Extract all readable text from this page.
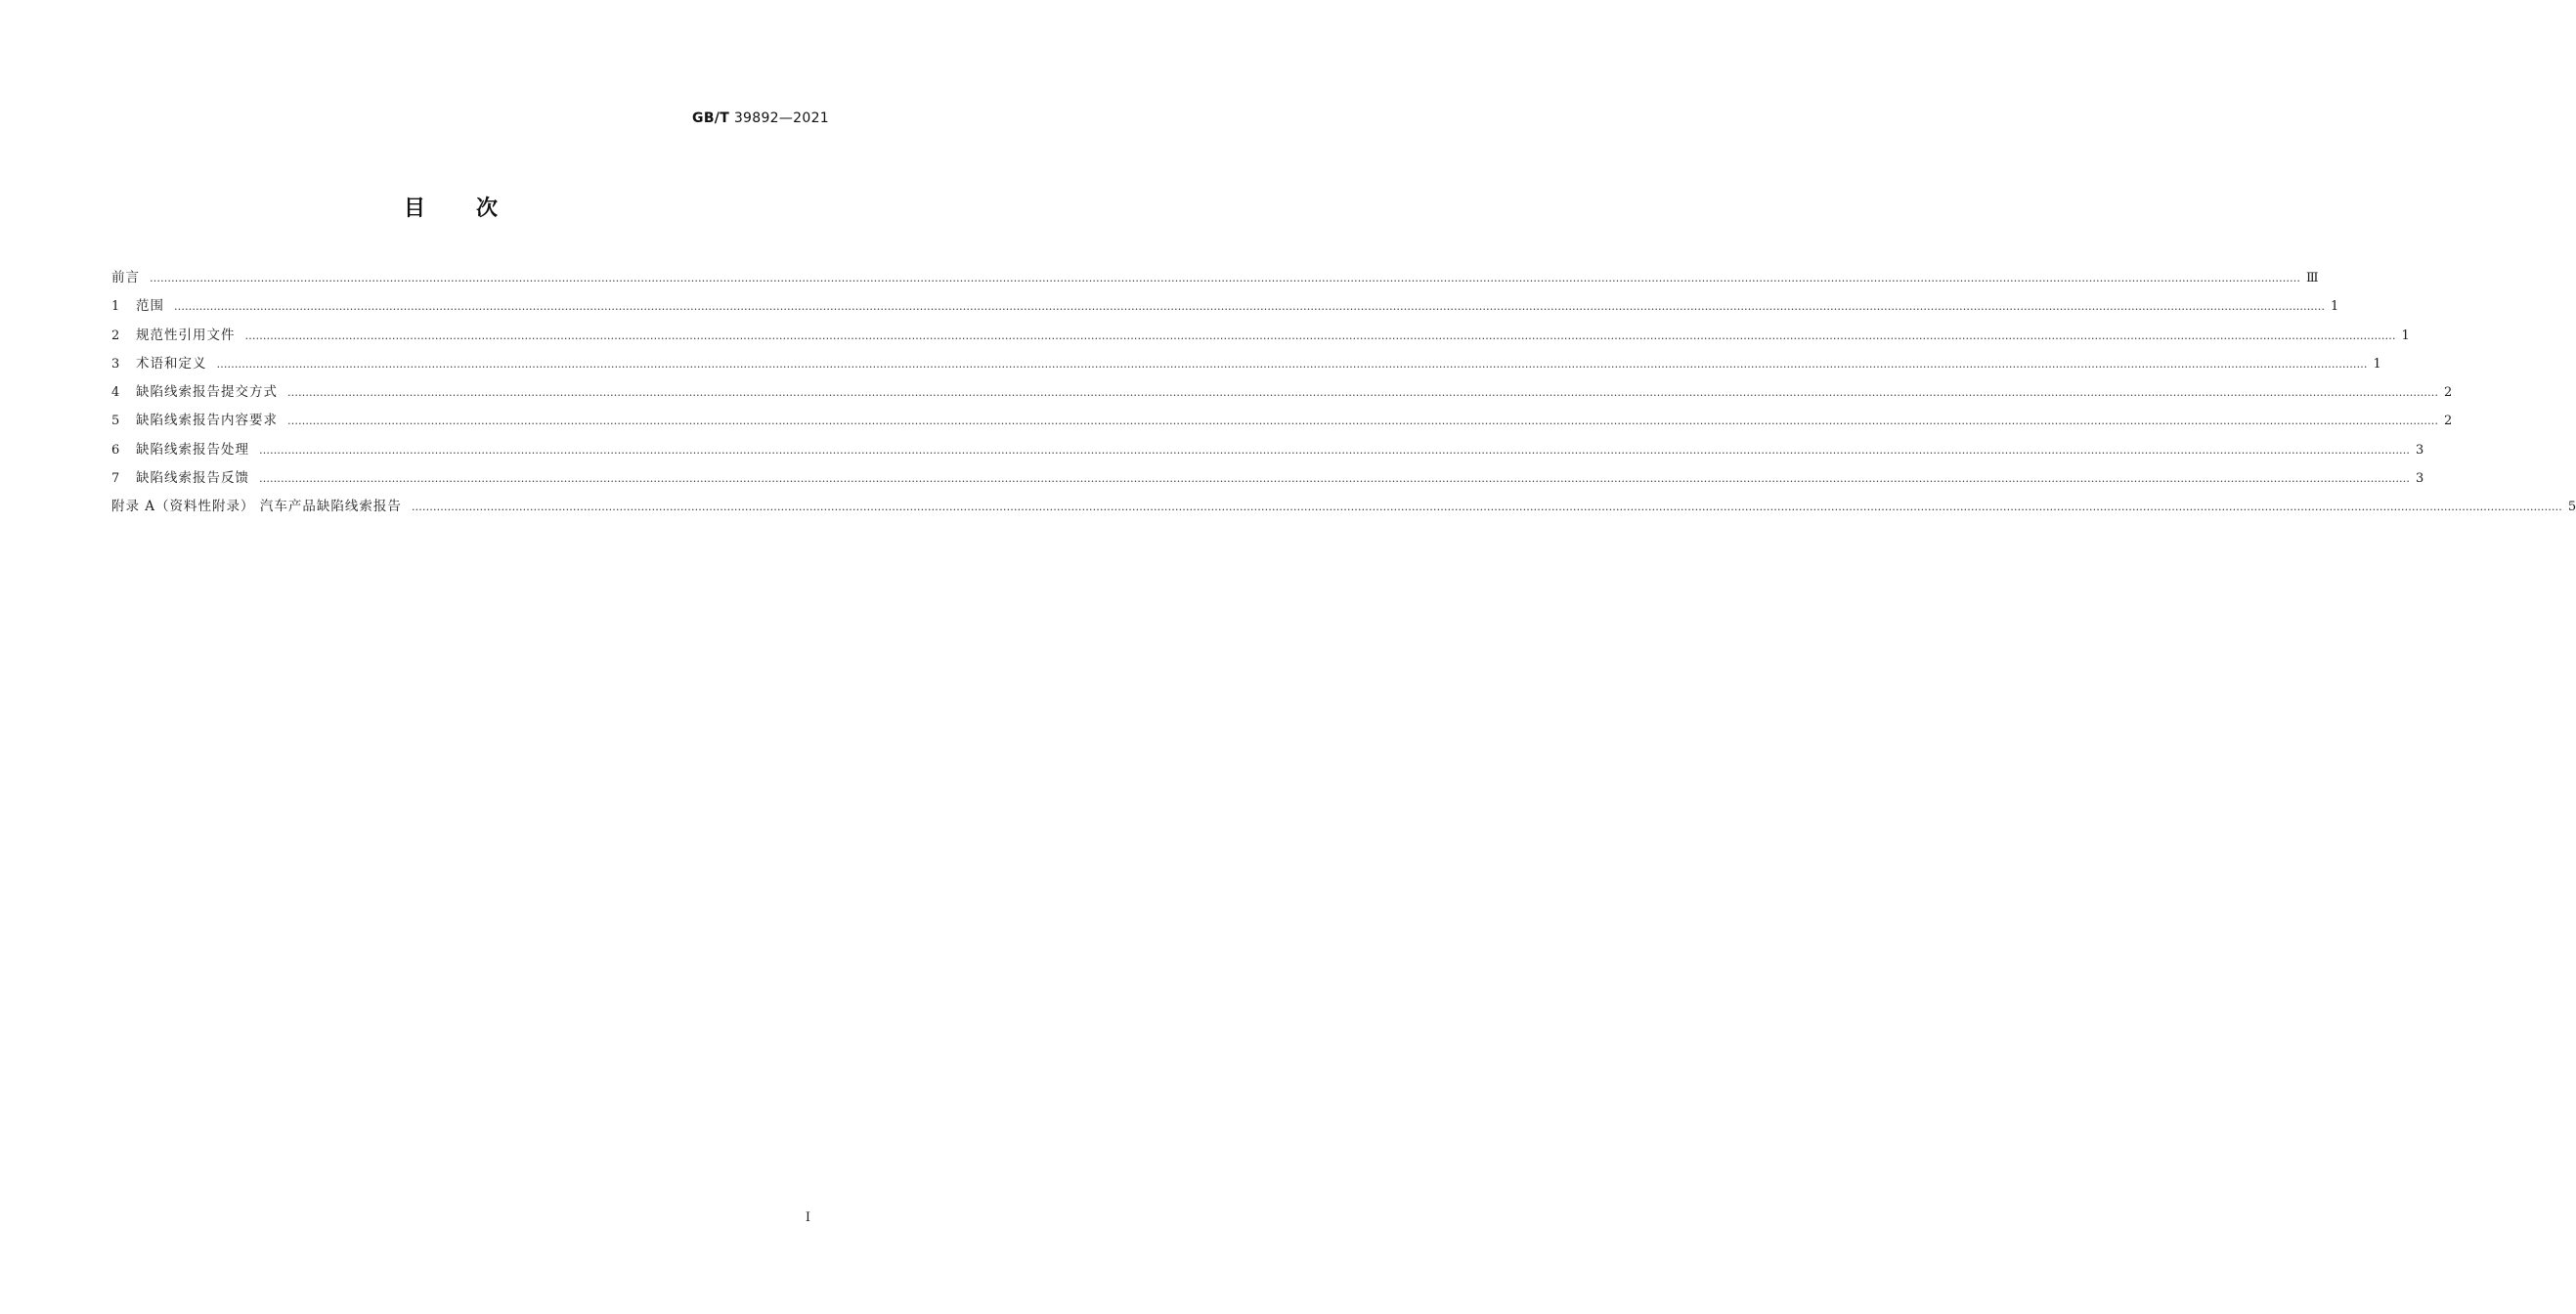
GB/T 39892—2021
目次
前言 …………………………………………………………………………………………………………………………………………………………………………………………………………………………………………………………………………………………………………………………………………………………………………………………………………………………………………………………………………………………………………………………………………………… Ⅲ
1	范围 …………………………………………………………………………………………………………………………………………………………………………………………………………………………………………………………………………………………………………………………………………………………………………………………………………………………………………………………………………………………………………………………………………………… 1
2	规范性引用文件 …………………………………………………………………………………………………………………………………………………………………………………………………………………………………………………………………………………………………………………………………………………………………………………………………………………………………………………………………………………………………………………………………………………… 1
3	术语和定义 …………………………………………………………………………………………………………………………………………………………………………………………………………………………………………………………………………………………………………………………………………………………………………………………………………………………………………………………………………………………………………………………………………………… 1
4	缺陷线索报告提交方式 …………………………………………………………………………………………………………………………………………………………………………………………………………………………………………………………………………………………………………………………………………………………………………………………………………………………………………………………………………………………………………………………………………………… 2
5	缺陷线索报告内容要求 …………………………………………………………………………………………………………………………………………………………………………………………………………………………………………………………………………………………………………………………………………………………………………………………………………………………………………………………………………………………………………………………………………………… 2
6	缺陷线索报告处理 …………………………………………………………………………………………………………………………………………………………………………………………………………………………………………………………………………………………………………………………………………………………………………………………………………………………………………………………………………………………………………………………………………………… 3
7	缺陷线索报告反馈 …………………………………………………………………………………………………………………………………………………………………………………………………………………………………………………………………………………………………………………………………………………………………………………………………………………………………………………………………………………………………………………………………………………… 3
附录 A（资料性附录） 汽车产品缺陷线索报告 …………………………………………………………………………………………………………………………………………………………………………………………………………………………………………………………………………………………………………………………………………………………………………………………………………………………………………………………………………………………………………………………………………………… 5
I
